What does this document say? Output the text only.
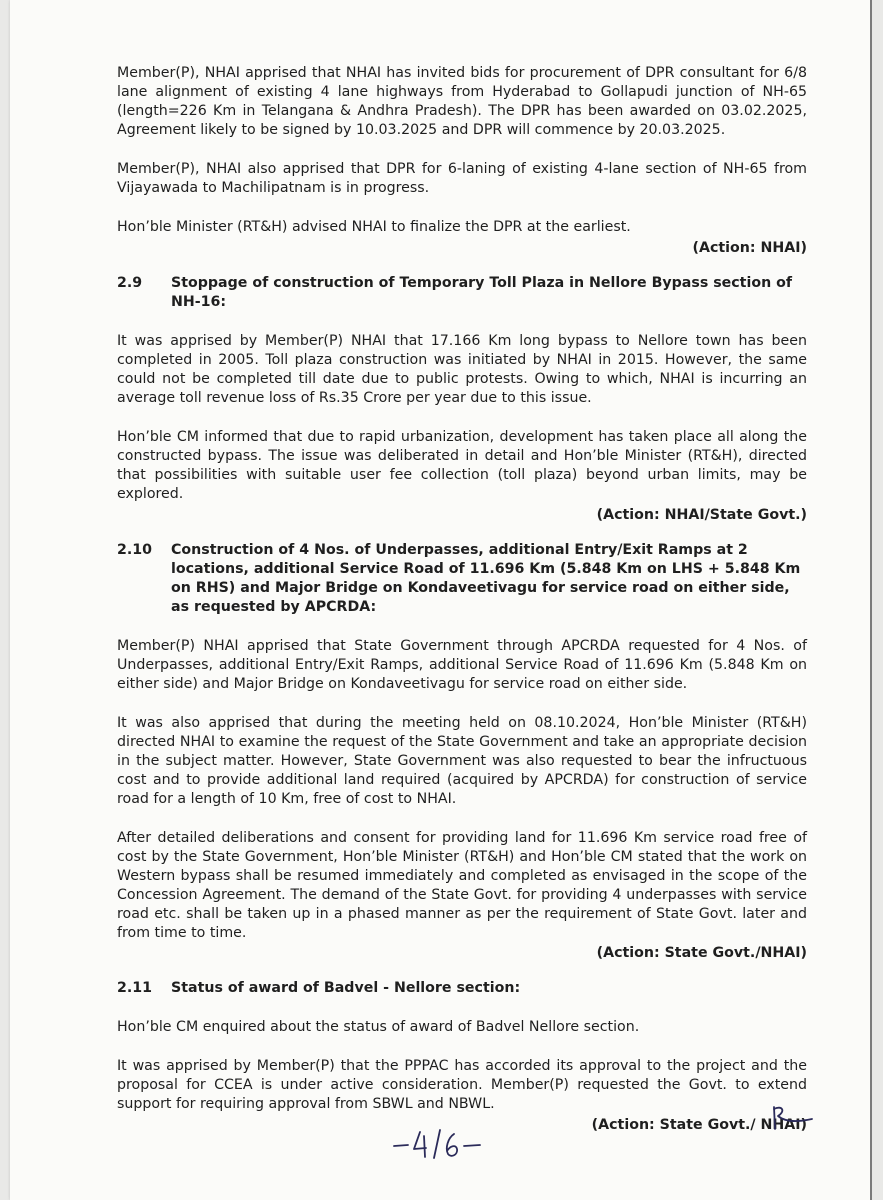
Member(P), NHAI apprised that NHAI has invited bids for procurement of DPR consultant for 6/8 lane alignment of existing 4 lane highways from Hyderabad to Gollapudi junction of NH-65 (length=226 Km in Telangana & Andhra Pradesh). The DPR has been awarded on 03.02.2025, Agreement likely to be signed by 10.03.2025 and DPR will commence by 20.03.2025.

Member(P), NHAI also apprised that DPR for 6-laning of existing 4-lane section of NH-65 from Vijayawada to Machilipatnam is in progress.

Hon’ble Minister (RT&H) advised NHAI to finalize the DPR at the earliest.

(Action: NHAI)
2.9	Stoppage of construction of Temporary Toll Plaza in Nellore Bypass section of NH-16:

It was apprised by Member(P) NHAI that 17.166 Km long bypass to Nellore town has been completed in 2005. Toll plaza construction was initiated by NHAI in 2015. However, the same could not be completed till date due to public protests. Owing to which, NHAI is incurring an average toll revenue loss of Rs.35 Crore per year due to this issue.

Hon’ble CM informed that due to rapid urbanization, development has taken place all along the constructed bypass. The issue was deliberated in detail and Hon’ble Minister (RT&H), directed that possibilities with suitable user fee collection (toll plaza) beyond urban limits, may be explored.

(Action: NHAI/State Govt.)
2.10	Construction of 4 Nos. of Underpasses, additional Entry/Exit Ramps at 2 locations, additional Service Road of 11.696 Km (5.848 Km on LHS + 5.848 Km on RHS) and Major Bridge on Kondaveetivagu for service road on either side, as requested by APCRDA:

Member(P) NHAI apprised that State Government through APCRDA requested for 4 Nos. of Underpasses, additional Entry/Exit Ramps, additional Service Road of 11.696 Km (5.848 Km on either side) and Major Bridge on Kondaveetivagu for service road on either side.

It was also apprised that during the meeting held on 08.10.2024, Hon’ble Minister (RT&H) directed NHAI to examine the request of the State Government and take an appropriate decision in the subject matter. However, State Government was also requested to bear the infructuous cost and to provide additional land required (acquired by APCRDA) for construction of service road for a length of 10 Km, free of cost to NHAI.

After detailed deliberations and consent for providing land for 11.696 Km service road free of cost by the State Government, Hon’ble Minister (RT&H) and Hon’ble CM stated that the work on Western bypass shall be resumed immediately and completed as envisaged in the scope of the Concession Agreement. The demand of the State Govt. for providing 4 underpasses with service road etc. shall be taken up in a phased manner as per the requirement of State Govt. later and from time to time.

(Action: State Govt./NHAI)
2.11	Status of award of Badvel - Nellore section:

Hon’ble CM enquired about the status of award of Badvel Nellore section.

It was apprised by Member(P) that the PPPAC has accorded its approval to the project and the proposal for CCEA is under active consideration. Member(P) requested the Govt. to extend support for requiring approval from SBWL and NBWL.

(Action: State Govt./ NHAI)
